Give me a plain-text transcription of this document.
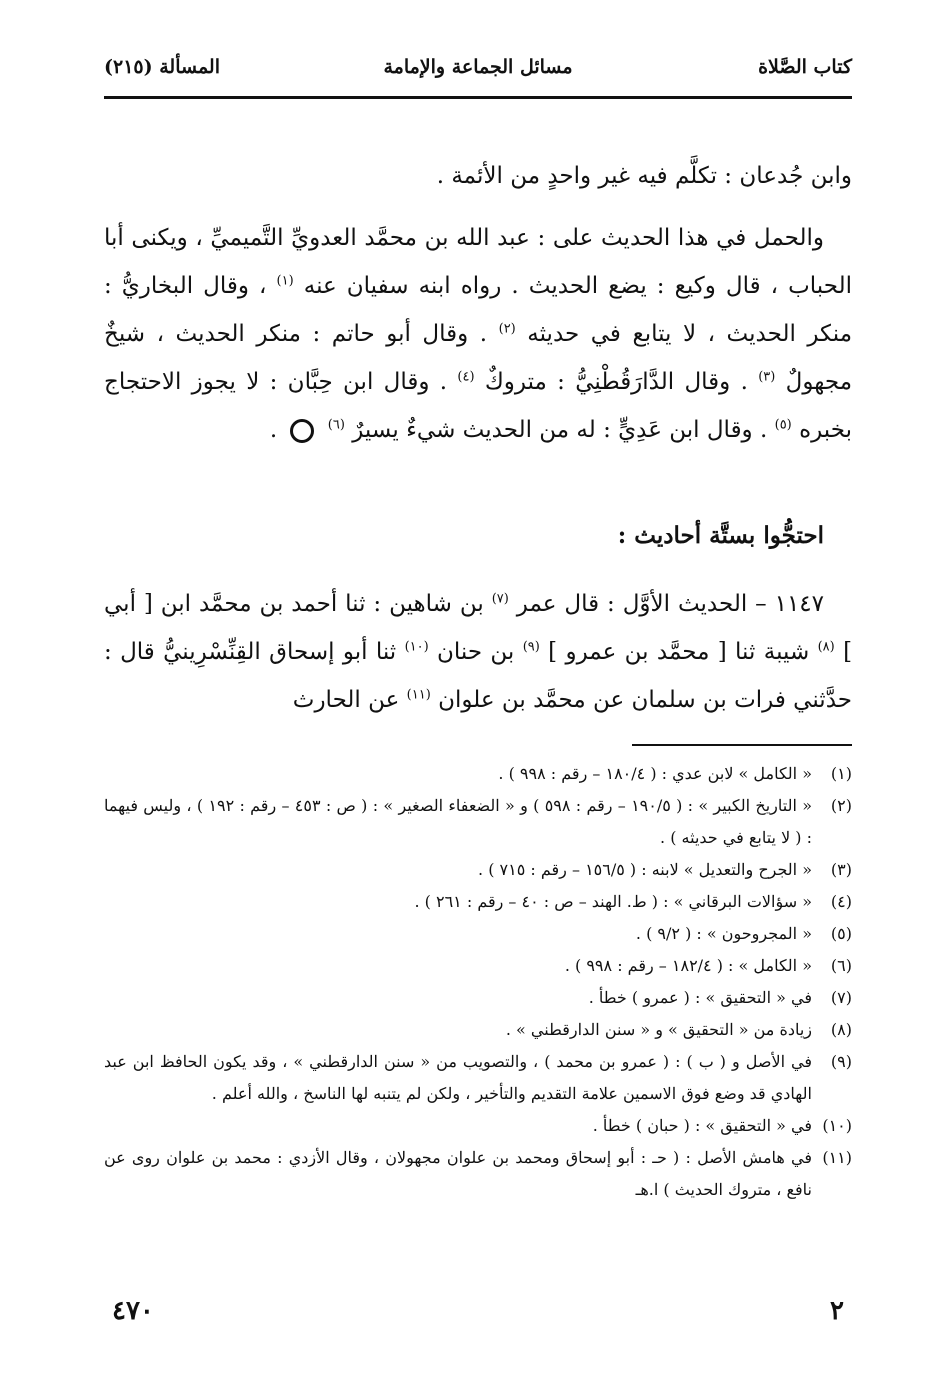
كتاب الصَّلاة
مسائل الجماعة والإمامة
المسألة (٢١٥)

وابن جُدعان : تكلَّم فيه غير واحدٍ من الأئمة .

والحمل في هذا الحديث على : عبد الله بن محمَّد العدويِّ التَّميميِّ ، ويكنى أبا الحباب ، قال وكيع : يضع الحديث . رواه ابنه سفيان عنه $^{(١)}$ ، وقال البخاريُّ : منكر الحديث ، لا يتابع في حديثه $^{(٢)}$ . وقال أبو حاتم : منكر الحديث ، شيخٌ مجهولٌ $^{(٣)}$ . وقال الدَّارَقُطْنِيُّ : متروكٌ $^{(٤)}$ . وقال ابن حِبَّان : لا يجوز الاحتجاج بخبره $^{(٥)}$ . وقال ابن عَدِيٍّ : له من الحديث شيءٌ يسيرٌ $^{(٦)}$  .

احتجُّوا بستَّة أحاديث :

١١٤٧ – الحديث الأوَّل : قال عمر $^{(٧)}$ بن شاهين : ثنا أحمد بن محمَّد ابن [ أبي ] $^{(٨)}$ شيبة ثنا [ محمَّد بن عمرو ] $^{(٩)}$ بن حنان $^{(١٠)}$ ثنا أبو إسحاق القِنِّسْرِينيُّ قال : حدَّثني فرات بن سلمان عن محمَّد بن علوان $^{(١١)}$ عن الحارث

(١)
« الكامل » لابن عدي : ( ١٨٠/٤ – رقم : ٩٩٨ ) .
(٢)
« التاريخ الكبير » : ( ١٩٠/٥ – رقم : ٥٩٨ ) و « الضعفاء الصغير » : ( ص : ٤٥٣ – رقم : ١٩٢ ) ، وليس فيهما : ( لا يتابع في حديثه ) .
(٣)
« الجرح والتعديل » لابنه : ( ١٥٦/٥ – رقم : ٧١٥ ) .
(٤)
« سؤالات البرقاني » : ( ط. الهند – ص : ٤٠ – رقم : ٢٦١ ) .
(٥)
« المجروحون » : ( ٩/٢ ) .
(٦)
« الكامل » : ( ١٨٢/٤ – رقم : ٩٩٨ ) .
(٧)
في « التحقيق » : ( عمرو ) خطأ .
(٨)
زيادة من « التحقيق » و « سنن الدارقطني » .
(٩)
في الأصل و ( ب ) : ( عمرو بن محمد ) ، والتصويب من « سنن الدارقطني » ، وقد يكون الحافظ ابن عبد الهادي قد وضع فوق الاسمين علامة التقديم والتأخير ، ولكن لم يتنبه لها الناسخ ، والله أعلم .
(١٠)
في « التحقيق » : ( حبان ) خطأ .
(١١)
في هامش الأصل : ( حـ : أبو إسحاق ومحمد بن علوان مجهولان ، وقال الأزدي : محمد بن علوان روى عن نافع ، متروك الحديث ) ا.هـ
٤٧٠	٢
